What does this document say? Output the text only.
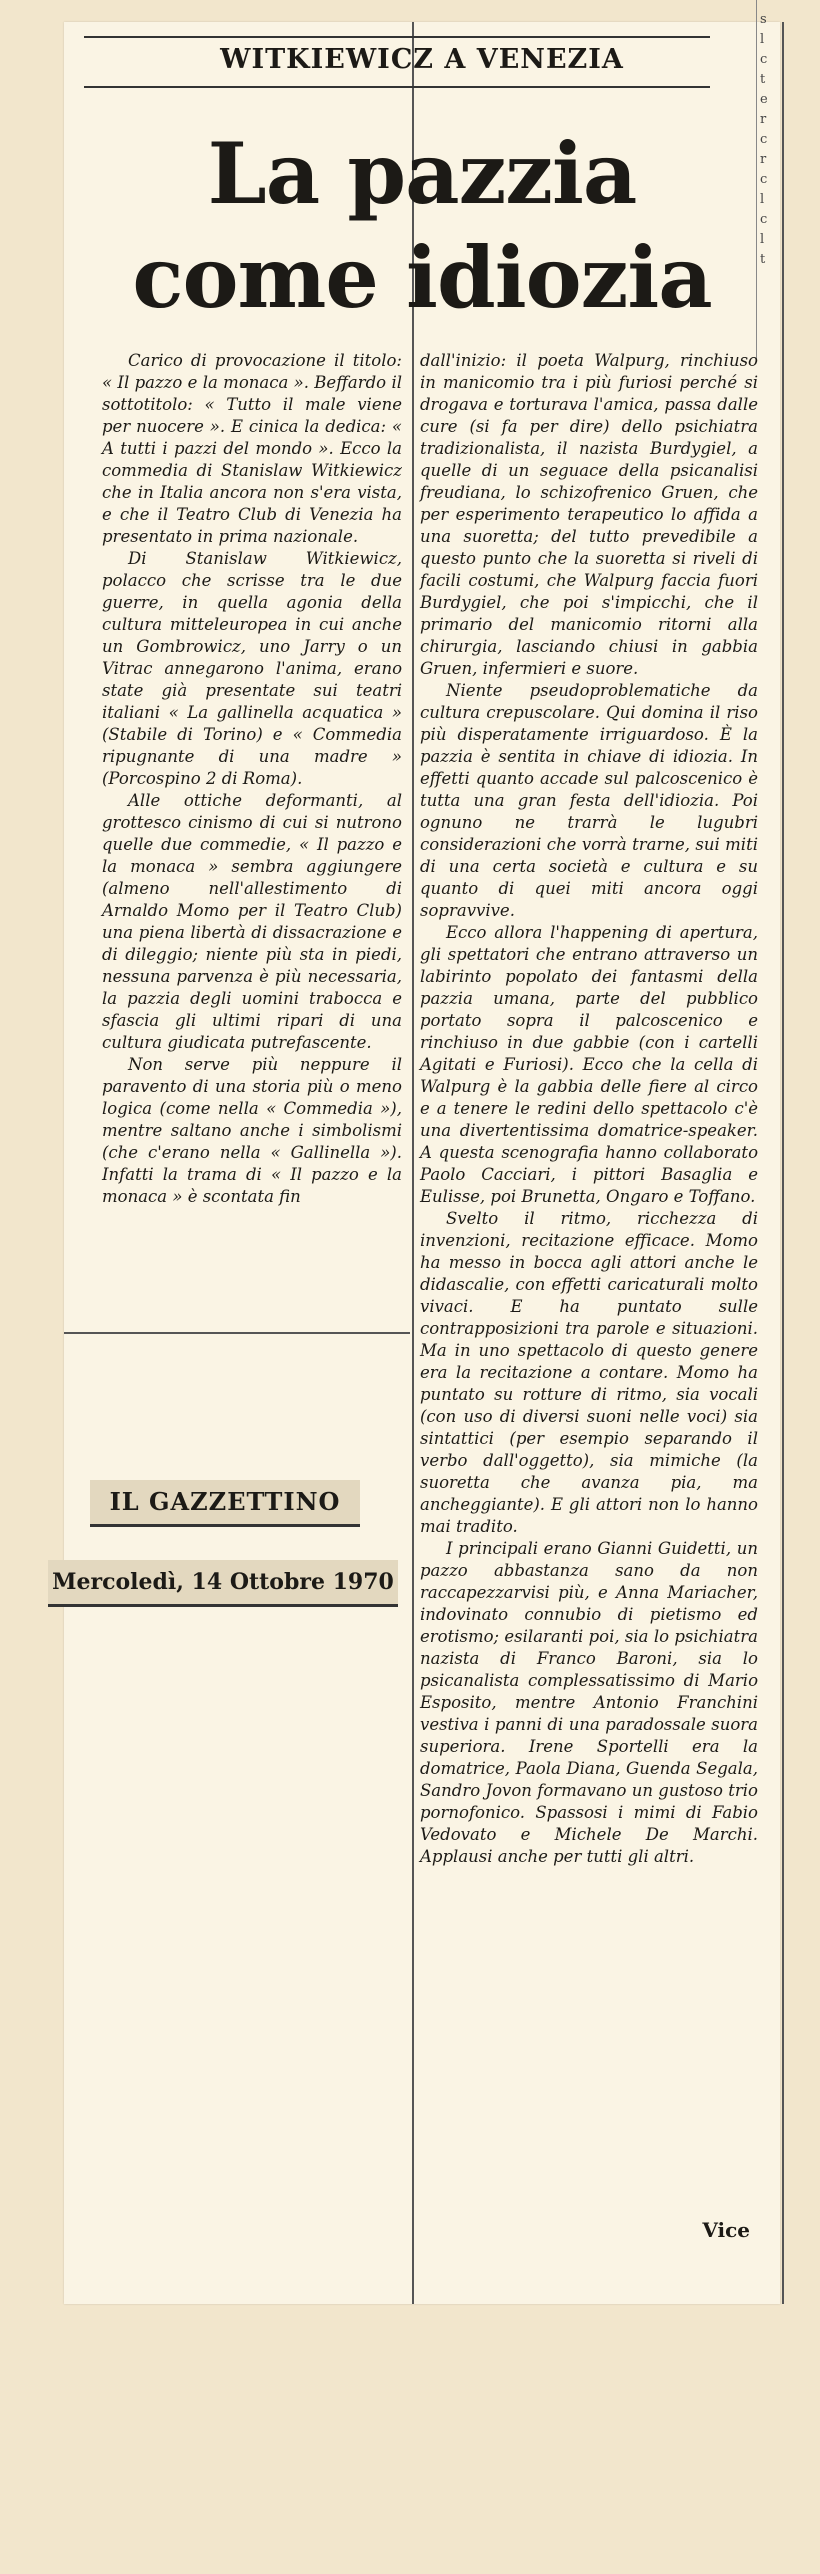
s
l
c
t
e
r
c
r
c
l
c
l
t
WITKIEWICZ A VENEZIA
La pazzia
come idiozia

Carico di provocazione il titolo: « Il pazzo e la monaca ». Beffardo il sottotitolo: « Tutto il male viene per nuocere ». E cinica la dedica: « A tutti i pazzi del mondo ». Ecco la commedia di Stanislaw Witkiewicz che in Italia ancora non s'era vista, e che il Teatro Club di Venezia ha presentato in prima nazionale.

Di Stanislaw Witkiewicz, polacco che scrisse tra le due guerre, in quella agonia della cultura mitteleuropea in cui anche un Gombrowicz, uno Jarry o un Vitrac annegarono l'anima, erano state già presentate sui teatri italiani « La gallinella acquatica » (Stabile di Torino) e « Commedia ripugnante di una madre » (Porcospino 2 di Roma).

Alle ottiche deformanti, al grottesco cinismo di cui si nutrono quelle due commedie, « Il pazzo e la monaca » sembra aggiungere (almeno nell'allestimento di Arnaldo Momo per il Teatro Club) una piena libertà di dissacrazione e di dileggio; niente più sta in piedi, nessuna parvenza è più necessaria, la pazzia degli uomini trabocca e sfascia gli ultimi ripari di una cultura giudicata putrefascente.

Non serve più neppure il paravento di una storia più o meno logica (come nella « Commedia »), mentre saltano anche i simbolismi (che c'erano nella « Gallinella »). Infatti la trama di « Il pazzo e la monaca » è scontata fin

dall'inizio: il poeta Walpurg, rinchiuso in manicomio tra i più furiosi perché si drogava e torturava l'amica, passa dalle cure (si fa per dire) dello psichiatra tradizionalista, il nazista Burdygiel, a quelle di un seguace della psicanalisi freudiana, lo schizofrenico Gruen, che per esperimento terapeutico lo affida a una suoretta; del tutto prevedibile a questo punto che la suoretta si riveli di facili costumi, che Walpurg faccia fuori Burdygiel, che poi s'impicchi, che il primario del manicomio ritorni alla chirurgia, lasciando chiusi in gabbia Gruen, infermieri e suore.

Niente pseudoproblematiche da cultura crepuscolare. Qui domina il riso più disperatamente irriguardoso. È la pazzia è sentita in chiave di idiozia. In effetti quanto accade sul palcoscenico è tutta una gran festa dell'idiozia. Poi ognuno ne trarrà le lugubri considerazioni che vorrà trarne, sui miti di una certa società e cultura e su quanto di quei miti ancora oggi sopravvive.

Ecco allora l'happening di apertura, gli spettatori che entrano attraverso un labirinto popolato dei fantasmi della pazzia umana, parte del pubblico portato sopra il palcoscenico e rinchiuso in due gabbie (con i cartelli Agitati e Furiosi). Ecco che la cella di Walpurg è la gabbia delle fiere al circo e a tenere le redini dello spettacolo c'è una divertentissima domatrice-speaker. A questa scenografia hanno collaborato Paolo Cacciari, i pittori Basaglia e Eulisse, poi Brunetta, Ongaro e Toffano.

Svelto il ritmo, ricchezza di invenzioni, recitazione efficace. Momo ha messo in bocca agli attori anche le didascalie, con effetti caricaturali molto vivaci. E ha puntato sulle contrapposizioni tra parole e situazioni. Ma in uno spettacolo di questo genere era la recitazione a contare. Momo ha puntato su rotture di ritmo, sia vocali (con uso di diversi suoni nelle voci) sia sintattici (per esempio separando il verbo dall'oggetto), sia mimiche (la suoretta che avanza pia, ma ancheggiante). E gli attori non lo hanno mai tradito.

I principali erano Gianni Guidetti, un pazzo abbastanza sano da non raccapezzarvisi più, e Anna Mariacher, indovinato connubio di pietismo ed erotismo; esilaranti poi, sia lo psichiatra nazista di Franco Baroni, sia lo psicanalista complessatissimo di Mario Esposito, mentre Antonio Franchini vestiva i panni di una paradossale suora superiora. Irene Sportelli era la domatrice, Paola Diana, Guenda Segala, Sandro Jovon formavano un gustoso trio pornofonico. Spassosi i mimi di Fabio Vedovato e Michele De Marchi. Applausi anche per tutti gli altri.

Vice
IL GAZZETTINO
Mercoledì, 14 Ottobre 1970
